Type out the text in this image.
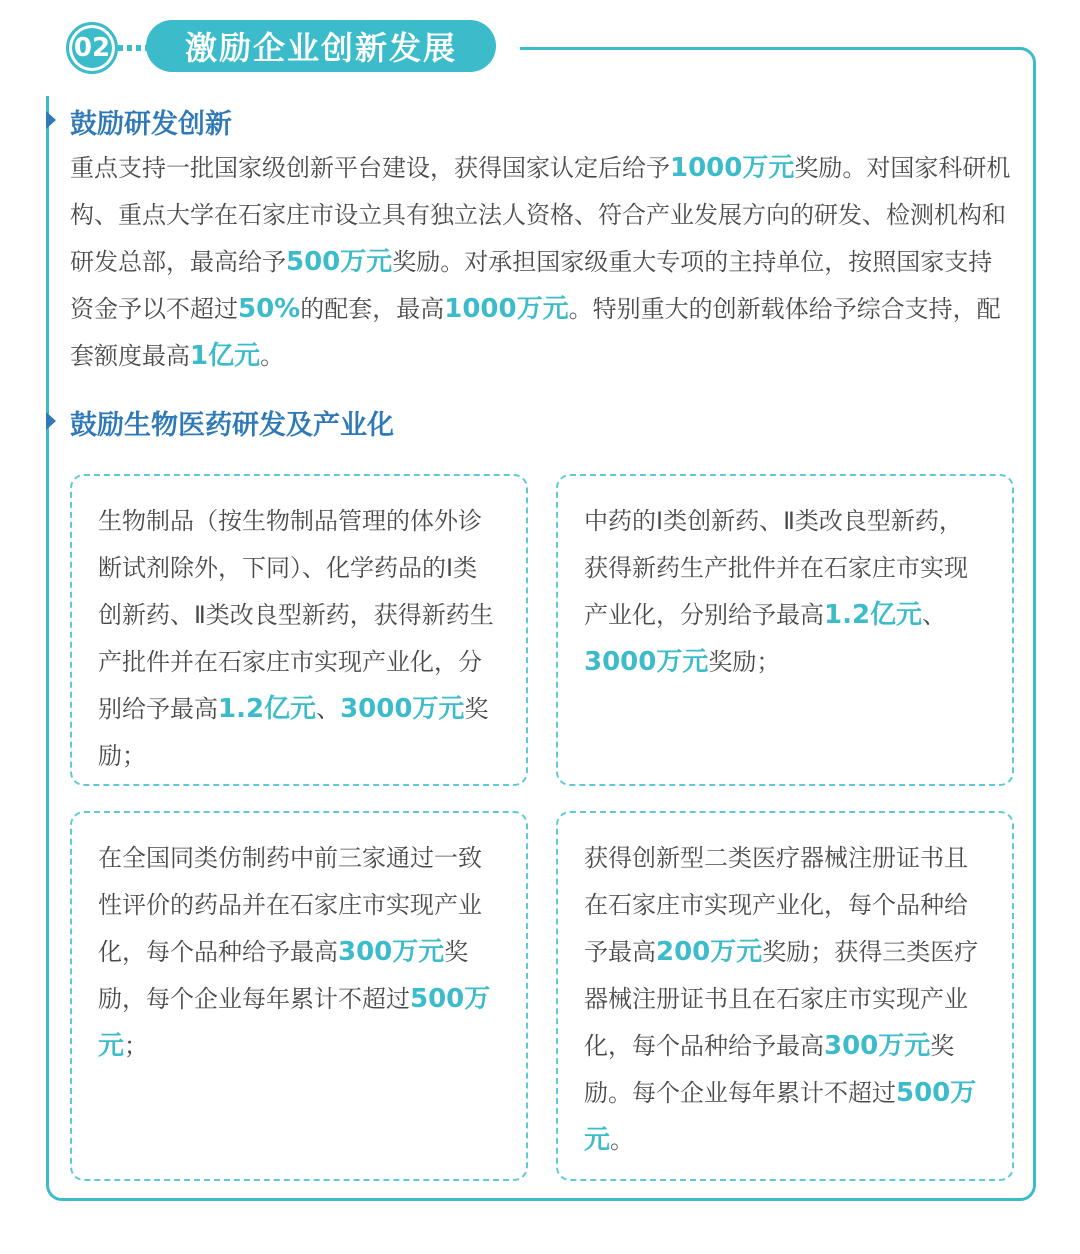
02	激励企业创新发展
鼓励研发创新

重点支持一批国家级创新平台建设，获得国家认定后给予1000万元奖励。对国家科研机构、重点大学在石家庄市设立具有独立法人资格、符合产业发展方向的研发、检测机构和研发总部，最高给予500万元奖励。对承担国家级重大专项的主持单位，按照国家支持资金予以不超过50%的配套，最高1000万元。特别重大的创新载体给予综合支持，配套额度最高1亿元。

鼓励生物医药研发及产业化

生物制品（按生物制品管理的体外诊断试剂除外，下同）、化学药品的Ⅰ类创新药、Ⅱ类改良型新药，获得新药生产批件并在石家庄市实现产业化，分别给予最高1.2亿元、3000万元奖励；

中药的Ⅰ类创新药、Ⅱ类改良型新药，获得新药生产批件并在石家庄市实现产业化，分别给予最高1.2亿元、3000万元奖励；

在全国同类仿制药中前三家通过一致性评价的药品并在石家庄市实现产业化，每个品种给予最高300万元奖励，每个企业每年累计不超过500万元；

获得创新型二类医疗器械注册证书且在石家庄市实现产业化，每个品种给予最高200万元奖励；获得三类医疗器械注册证书且在石家庄市实现产业化，每个品种给予最高300万元奖励。每个企业每年累计不超过500万元。
